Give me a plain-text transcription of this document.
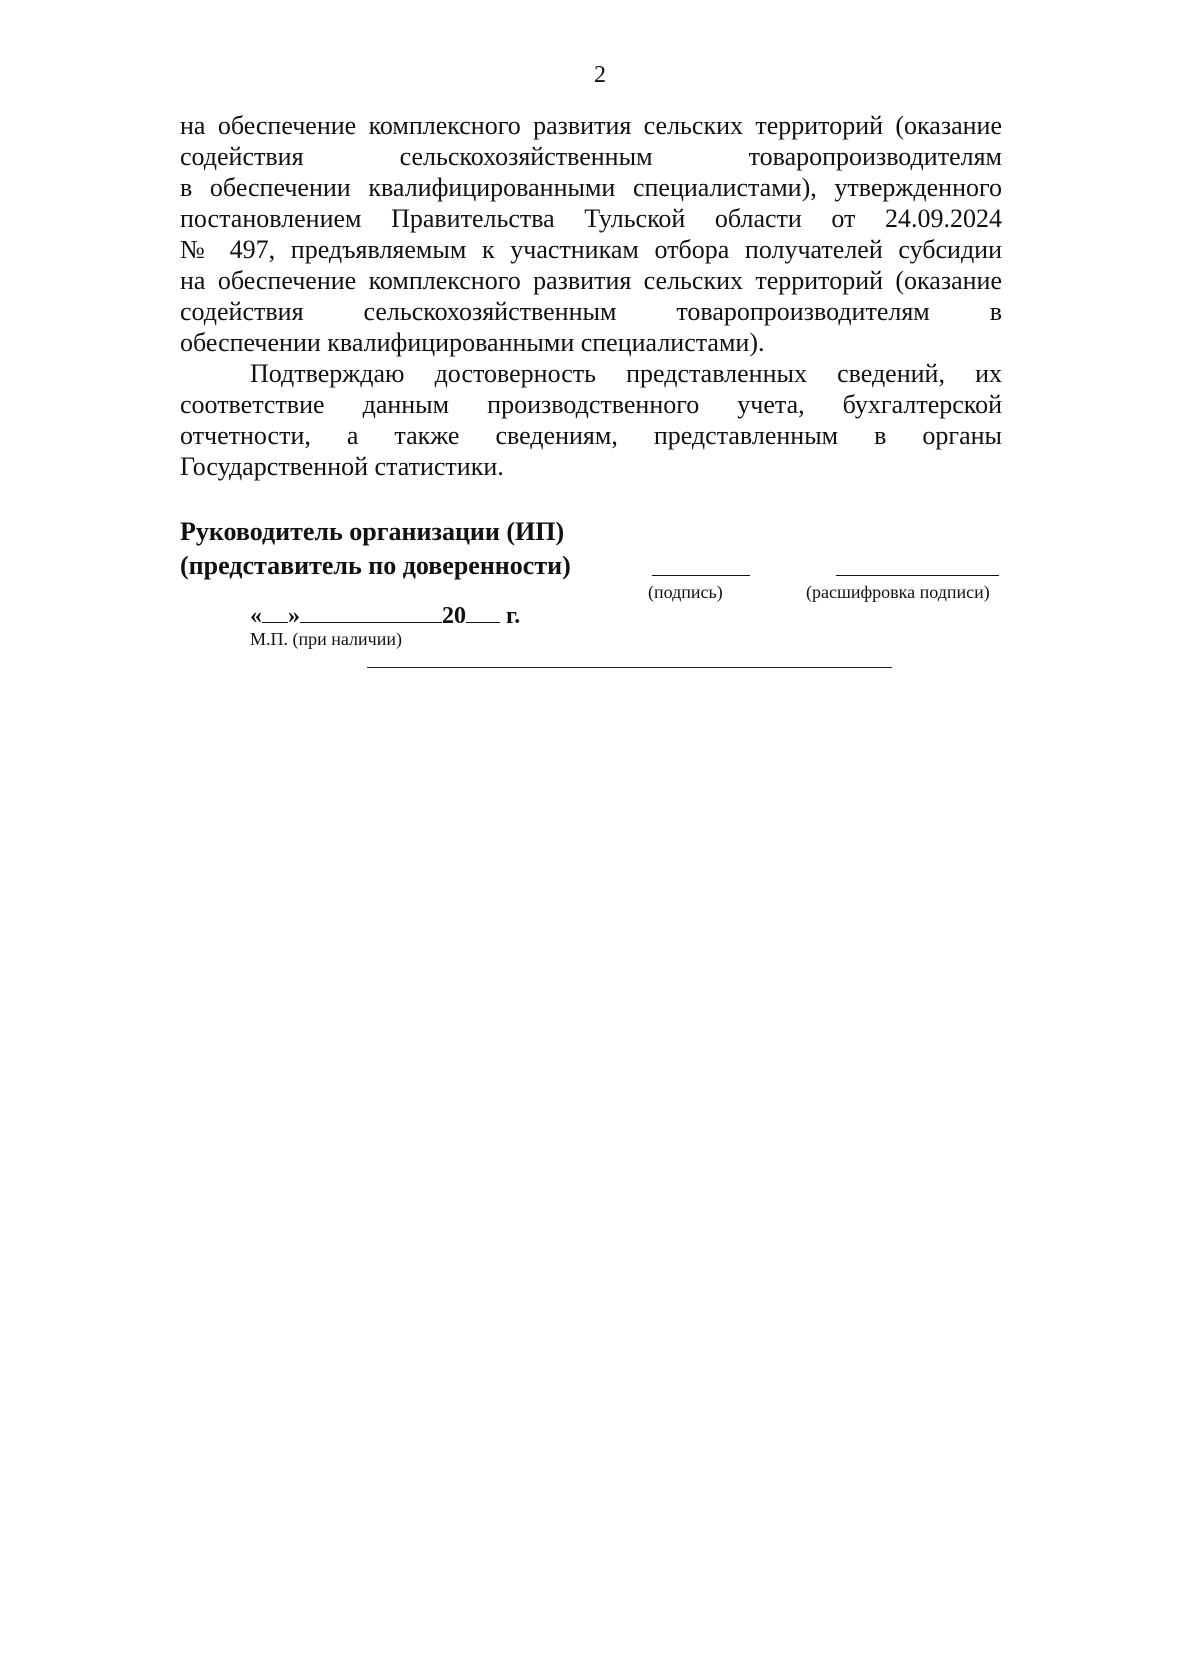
2

на обеспечение комплексного развития сельских территорий (оказание
содействия сельскохозяйственным товаропроизводителям
в обеспечении квалифицированными специалистами), утвержденного
постановлением Правительства Тульской области от 24.09.2024
№ 497, предъявляемым к участникам отбора получателей субсидии
на обеспечение комплексного развития сельских территорий (оказание
содействия сельскохозяйственным товаропроизводителям в
обеспечении квалифицированными специалистами).

Подтверждаю достоверность представленных сведений, их
соответствие данным производственного учета, бухгалтерской
отчетности, а также сведениям, представленным в органы
Государственной статистики.

Руководитель организации (ИП)
(представитель по доверенности)
(подпись)	(расшифровка подписи)
« »	20 г.
М.П. (при наличии)
